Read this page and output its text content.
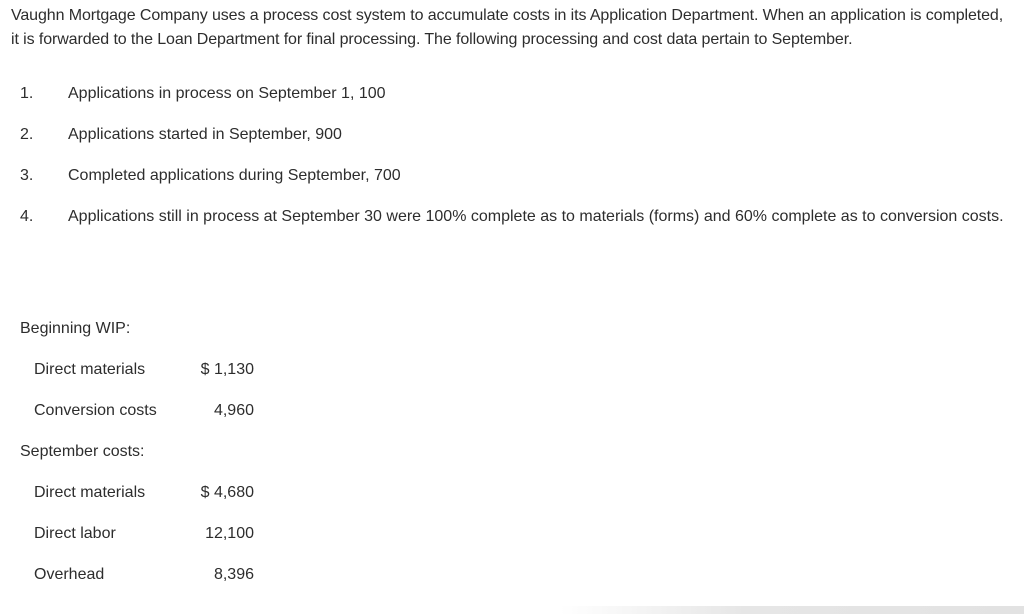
Vaughn Mortgage Company uses a process cost system to accumulate costs in its Application Department. When an application is completed, it is forwarded to the Loan Department for final processing. The following processing and cost data pertain to September.
1.	Applications in process on September 1, 100
2.	Applications started in September, 900
3.	Completed applications during September, 700
4.	Applications still in process at September 30 were 100% complete as to materials (forms) and 60% complete as to conversion costs.
Beginning WIP:
Direct materials	$ 1,130
Conversion costs	4,960
September costs:
Direct materials	$ 4,680
Direct labor	12,100
Overhead	8,396
